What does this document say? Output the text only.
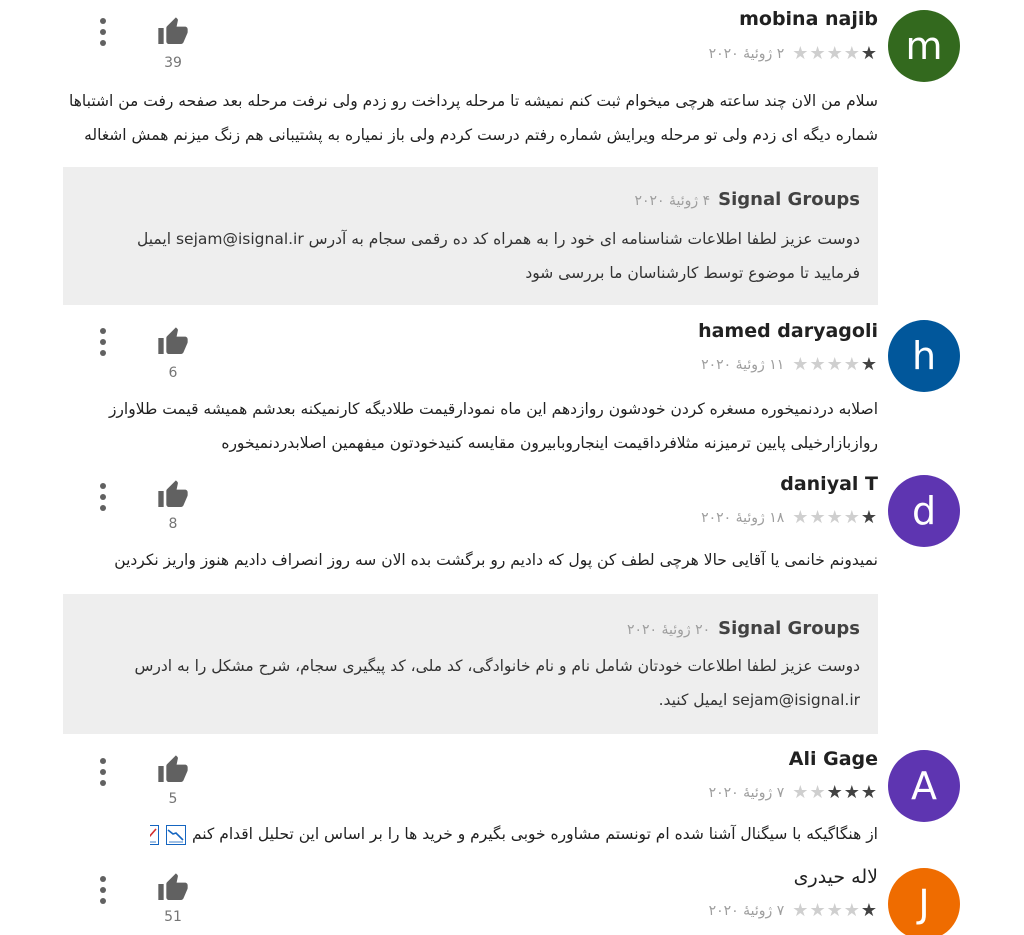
m
mobina najib
★
★
★
★
★
۲ ژوئیهٔ ۲۰۲۰
39
سلام من الان چند ساعته هرچی میخوام ثبت کنم نمیشه تا مرحله پرداخت رو زدم ولی نرفت مرحله بعد صفحه رفت من اشتباها
شماره دیگه ای زدم ولی تو مرحله ویرایش شماره رفتم درست کردم ولی باز نمیاره به پشتیبانی هم زنگ میزنم همش اشغاله
Signal Groups
۴ ژوئیهٔ ۲۰۲۰
دوست عزیز لطفا اطلاعات شناسنامه ای خود را به همراه کد ده رقمی سجام به آدرس sejam@isignal.ir ایمیل
فرمایید تا موضوع توسط کارشناسان ما بررسی شود
h
hamed daryagoli
★
★
★
★
★
۱۱ ژوئیهٔ ۲۰۲۰
6
اصلابه دردنمیخوره مسغره کردن خودشون روازدهم این ماه نمودارقیمت طلادیگه کارنمیکنه بعدشم همیشه قیمت طلاوارز
روازبازارخیلی پایین ترمیزنه مثلافرداقیمت اینجاروبابیرون مقایسه کنیدخودتون میفهمین اصلابدردنمیخوره
d
daniyal T
★
★
★
★
★
۱۸ ژوئیهٔ ۲۰۲۰
8
نمیدونم خانمی یا آقایی حالا هرچی لطف کن پول که دادیم رو برگشت بده الان سه روز انصراف دادیم هنوز واریز نکردین
Signal Groups
۲۰ ژوئیهٔ ۲۰۲۰
دوست عزیز لطفا اطلاعات خودتان شامل نام و نام خانوادگی، کد ملی، کد پیگیری سجام، شرح مشکل را به ادرس
sejam@isignal.ir ایمیل کنید.
A
Ali Gage
★
★
★
★
★
۷ ژوئیهٔ ۲۰۲۰
5
از هنگاگیکه با سیگنال آشنا شده ام تونستم مشاوره خوبی بگیرم و خرید ها را بر اساس این تحلیل اقدام کنم
J
لاله حیدری
★
★
★
★
★
۷ ژوئیهٔ ۲۰۲۰
51
